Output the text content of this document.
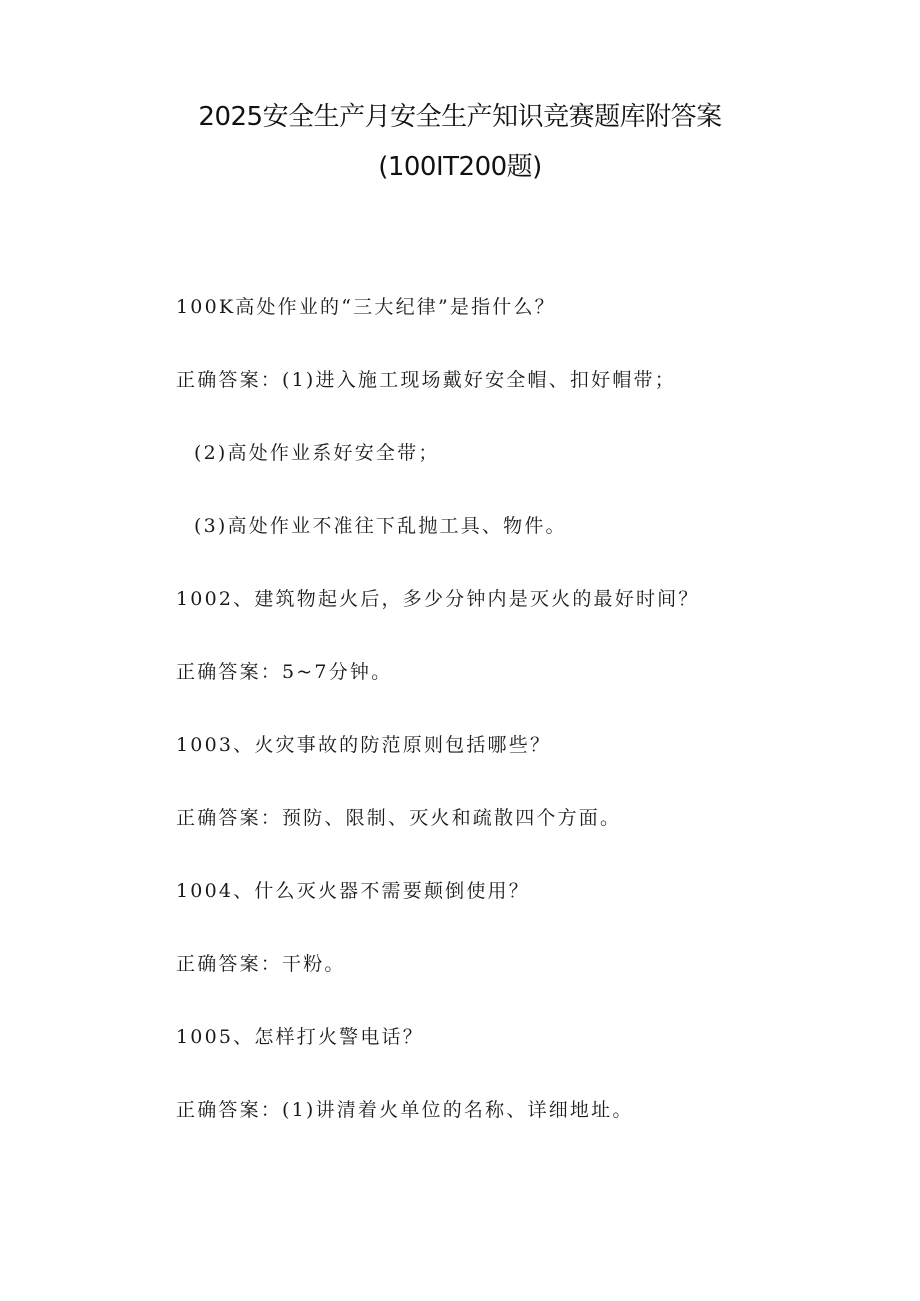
2025安全生产月安全生产知识竞赛题库附答案
(100IT200题)
100K高处作业的“三大纪律”是指什么？
正确答案：(1)进入施工现场戴好安全帽、扣好帽带；
(2)高处作业系好安全带；
(3)高处作业不准往下乱抛工具、物件。
1002、建筑物起火后，多少分钟内是灭火的最好时间？
正确答案：5~7分钟。
1003、火灾事故的防范原则包括哪些？
正确答案：预防、限制、灭火和疏散四个方面。
1004、什么灭火器不需要颠倒使用？
正确答案：干粉。
1005、怎样打火警电话？
正确答案：(1)讲清着火单位的名称、详细地址。
